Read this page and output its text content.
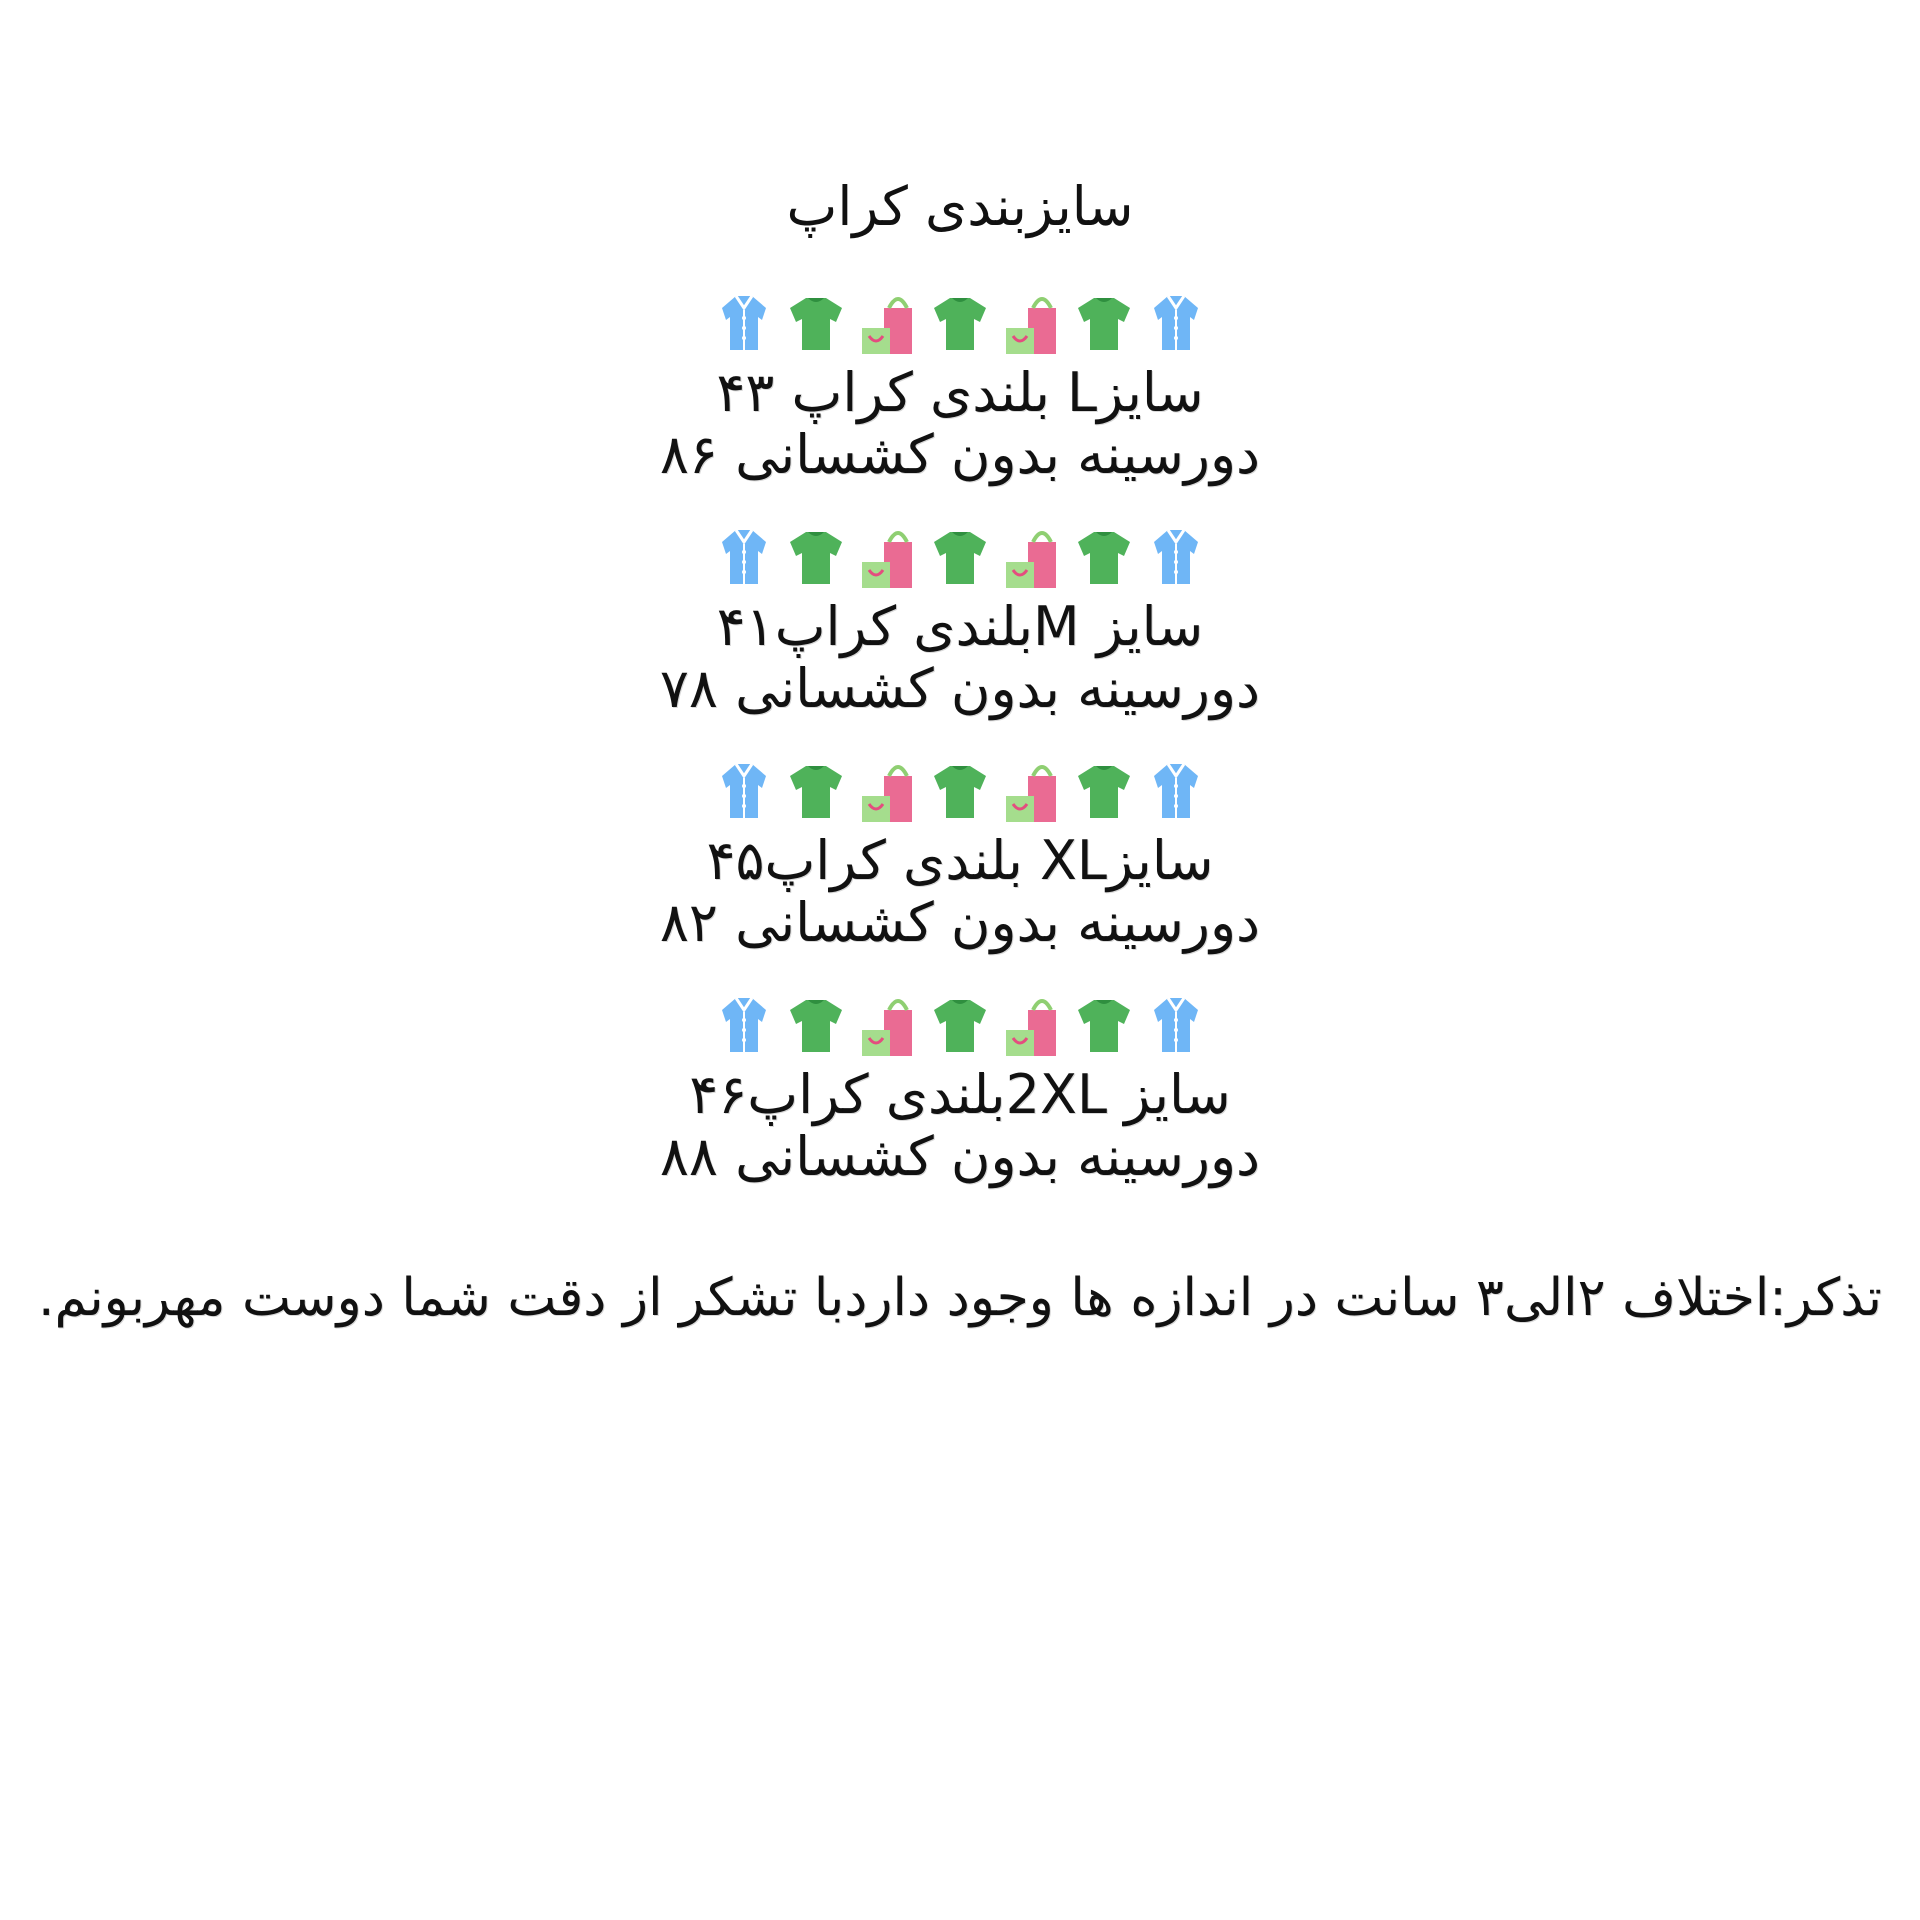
سایزبندی کراپ
سایزL بلندی کراپ ۴۳
دورسینه بدون کشسانی ۸۶
سایز Mبلندی کراپ۴۱
دورسینه بدون کشسانی ۷۸
سایزXL بلندی کراپ۴۵
دورسینه بدون کشسانی ۸۲
سایز 2XLبلندی کراپ۴۶
دورسینه بدون کشسانی ۸۸
تذکر:اختلاف ۲الی۳ سانت در اندازه ها وجود داردبا تشکر از دقت شما دوست مهربونم.
